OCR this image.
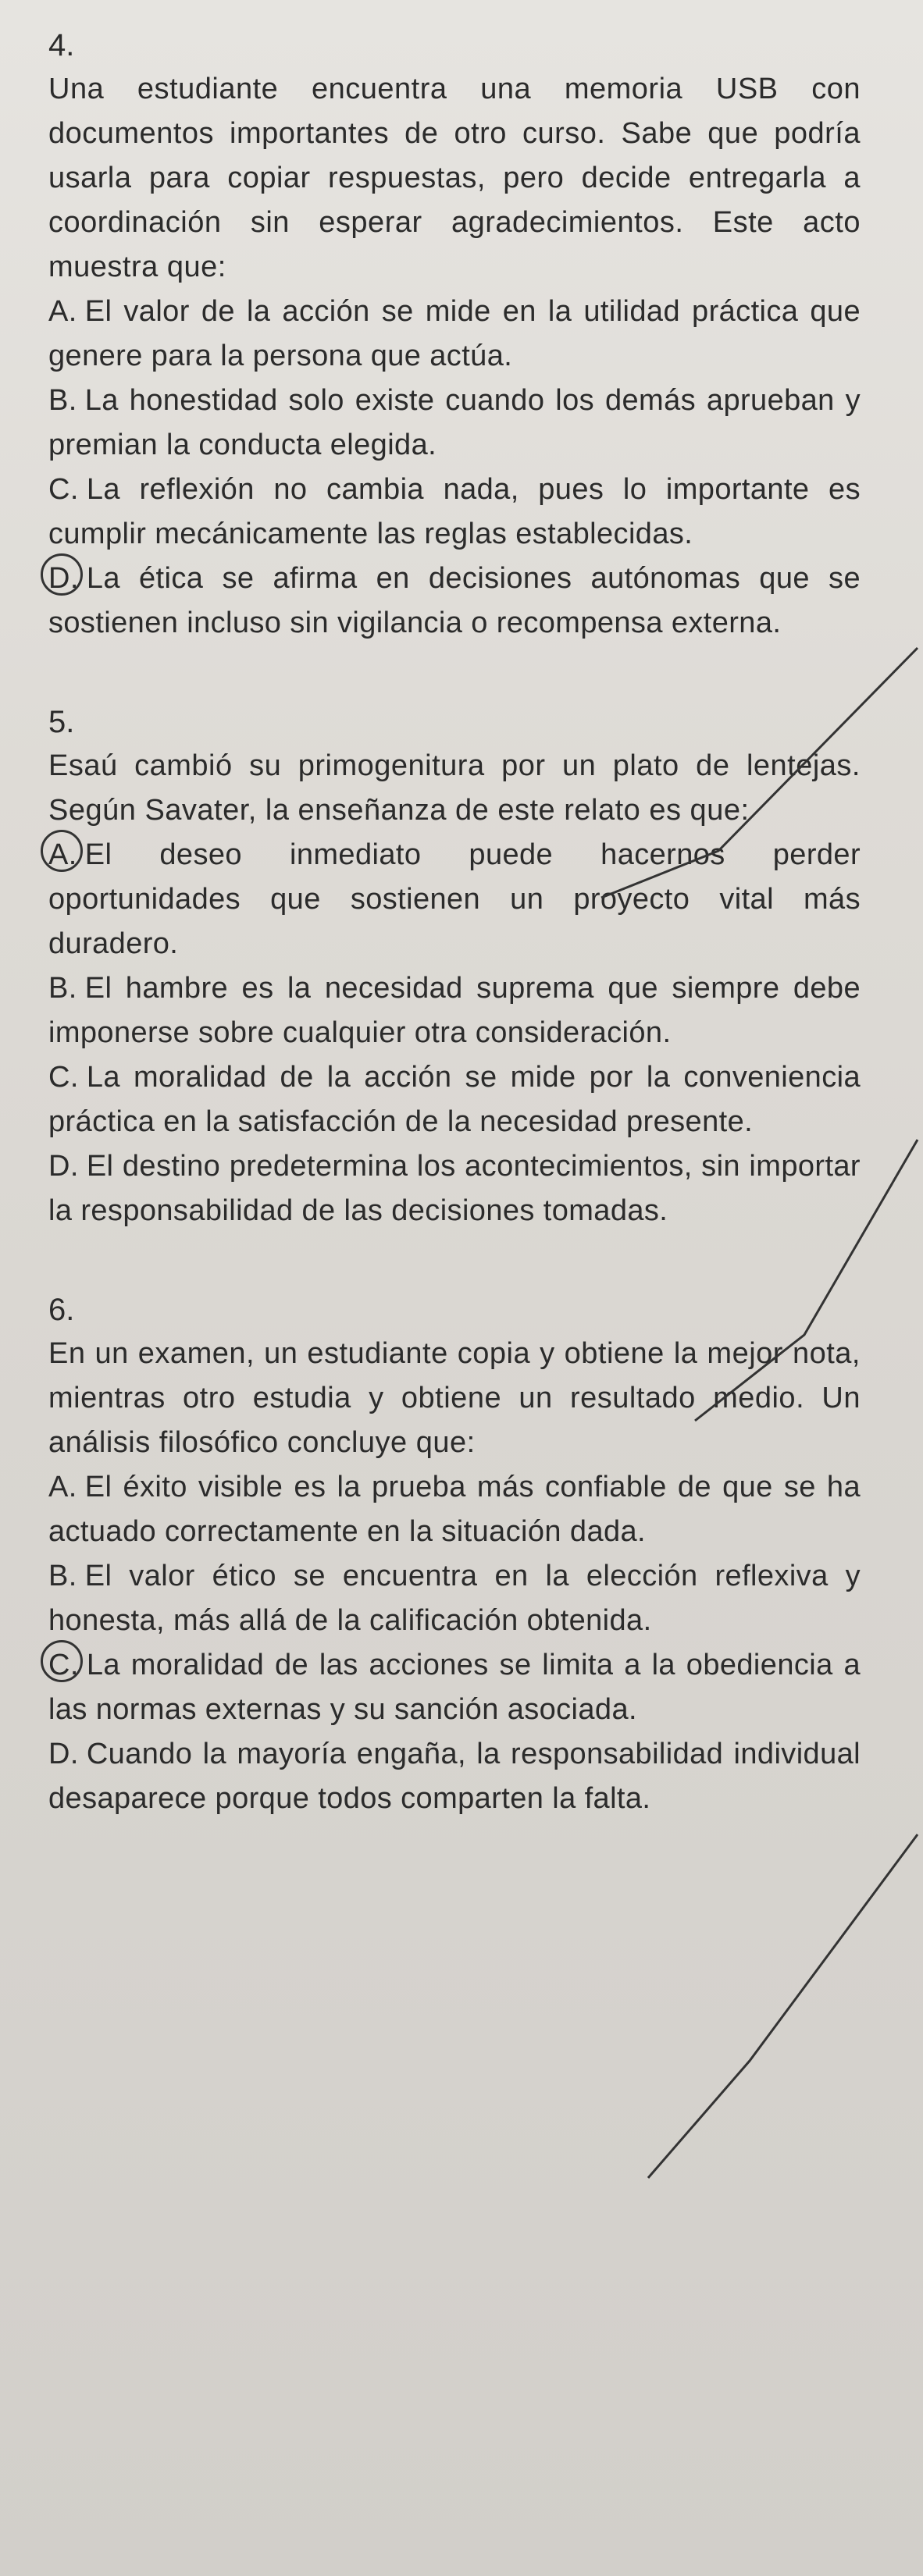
4.
Una estudiante encuentra una memoria USB con documentos importantes de otro curso. Sabe que podría usarla para copiar respuestas, pero decide entregarla a coordinación sin esperar agradecimientos. Este acto muestra que:
A. El valor de la acción se mide en la utilidad práctica que genere para la persona que actúa.
B. La honestidad solo existe cuando los demás aprueban y premian la conducta elegida.
C. La reflexión no cambia nada, pues lo importante es cumplir mecánicamente las reglas establecidas.
D. La ética se afirma en decisiones autónomas que se sostienen incluso sin vigilancia o recompensa externa.
5.
Esaú cambió su primogenitura por un plato de lentejas. Según Savater, la enseñanza de este relato es que:
A. El deseo inmediato puede hacernos perder oportunidades que sostienen un proyecto vital más duradero.
B. El hambre es la necesidad suprema que siempre debe imponerse sobre cualquier otra consideración.
C. La moralidad de la acción se mide por la conveniencia práctica en la satisfacción de la necesidad presente.
D. El destino predetermina los acontecimientos, sin importar la responsabilidad de las decisiones tomadas.
6.
En un examen, un estudiante copia y obtiene la mejor nota, mientras otro estudia y obtiene un resultado medio. Un análisis filosófico concluye que:
A. El éxito visible es la prueba más confiable de que se ha actuado correctamente en la situación dada.
B. El valor ético se encuentra en la elección reflexiva y honesta, más allá de la calificación obtenida.
C. La moralidad de las acciones se limita a la obediencia a las normas externas y su sanción asociada.
D. Cuando la mayoría engaña, la responsabilidad individual desaparece porque todos comparten la falta.
